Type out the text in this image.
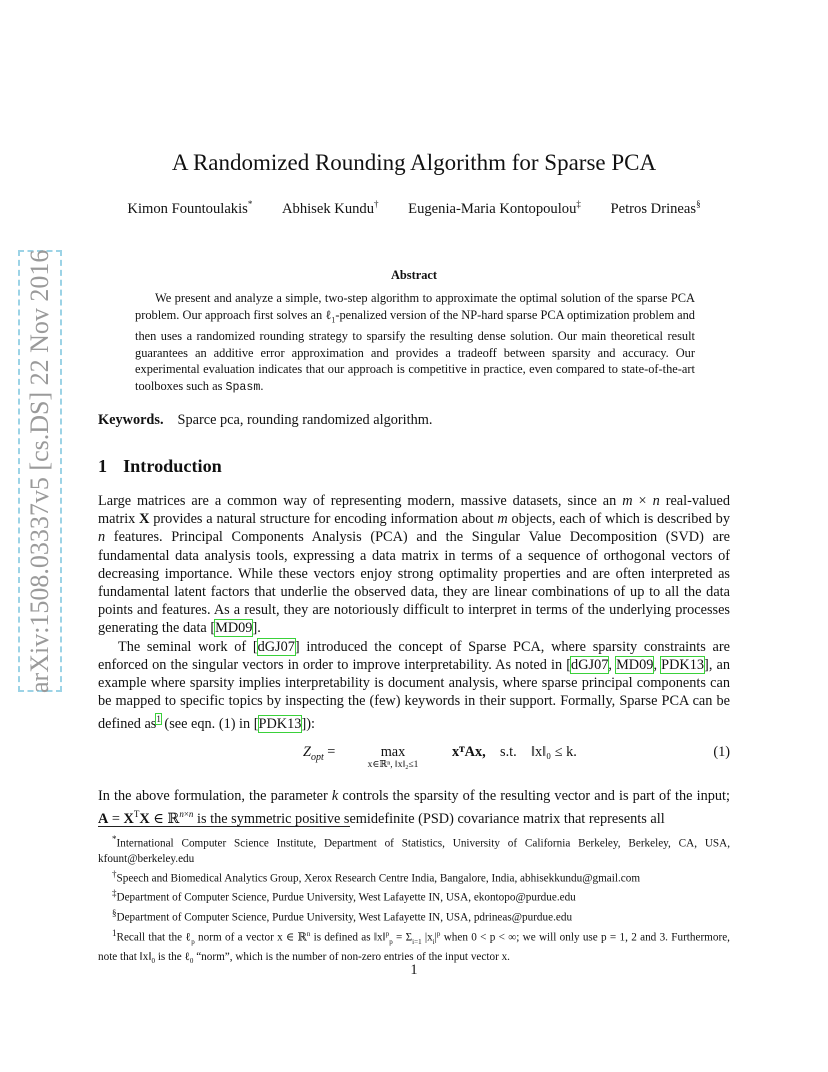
arXiv:1508.03337v5 [cs.DS] 22 Nov 2016
A Randomized Rounding Algorithm for Sparse PCA
Kimon Fountoulakis* Abhisek Kundu† Eugenia-Maria Kontopoulou‡ Petros Drineas§
Abstract

We present and analyze a simple, two-step algorithm to approximate the optimal solution of the sparse PCA problem. Our approach first solves an ℓ$_1$-penalized version of the NP-hard sparse PCA optimization problem and then uses a randomized rounding strategy to sparsify the resulting dense solution. Our main theoretical result guarantees an additive error approximation and provides a tradeoff between sparsity and accuracy. Our experimental evaluation indicates that our approach is competitive in practice, even compared to state-of-the-art toolboxes such as Spasm.

Keywords. Sparce pca, rounding randomized algorithm.
1 Introduction

Large matrices are a common way of representing modern, massive datasets, since an m × n real-valued matrix X provides a natural structure for encoding information about m objects, each of which is described by n features. Principal Components Analysis (PCA) and the Singular Value Decomposition (SVD) are fundamental data analysis tools, expressing a data matrix in terms of a sequence of orthogonal vectors of decreasing importance. While these vectors enjoy strong optimality properties and are often interpreted as fundamental latent factors that underlie the observed data, they are linear combinations of up to all the data points and features. As a result, they are notoriously difficult to interpret in terms of the underlying processes generating the data [MD09].

The seminal work of [dGJ07] introduced the concept of Sparse PCA, where sparsity constraints are enforced on the singular vectors in order to improve interpretability. As noted in [dGJ07, MD09, PDK13], an example where sparsity implies interpretability is document analysis, where sparse principal components can be mapped to specific topics by inspecting the (few) keywords in their support. Formally, Sparse PCA can be defined $as^1$ (see eqn. (1) in [PDK13]):

$Z_{opt}$ =	max
x∈ℝⁿ, ‖x‖₂≤1
xᵀAx, s.t. ‖x‖₀ ≤ k.	(1)

In the above formulation, the parameter k controls the sparsity of the resulting vector and is part of the input; $A = X^TX$ ∈ ℝ$^{n\times n}$ is the symmetric positive semidefinite (PSD) covariance matrix that represents all

*International Computer Science Institute, Department of Statistics, University of California Berkeley, Berkeley, CA, USA, kfount@berkeley.edu

†Speech and Biomedical Analytics Group, Xerox Research Centre India, Bangalore, India, abhisekkundu@gmail.com

‡Department of Computer Science, Purdue University, West Lafayette IN, USA, ekontopo@purdue.edu

§Department of Computer Science, Purdue University, West Lafayette IN, USA, pdrineas@purdue.edu

$^1$Recall that the ℓ$_p$ norm of a vector x ∈ ℝ$^n$ is defined as ‖x‖$^p_p$ = $\Sigma_{i=1}$ $|x_i|^p$ when 0 < p < ∞; we will only use p = 1, 2 and 3. Furthermore, note that $‖x‖_0$ is the ℓ$_0$ “norm”, which is the number of non-zero entries of the input vector x.

1
